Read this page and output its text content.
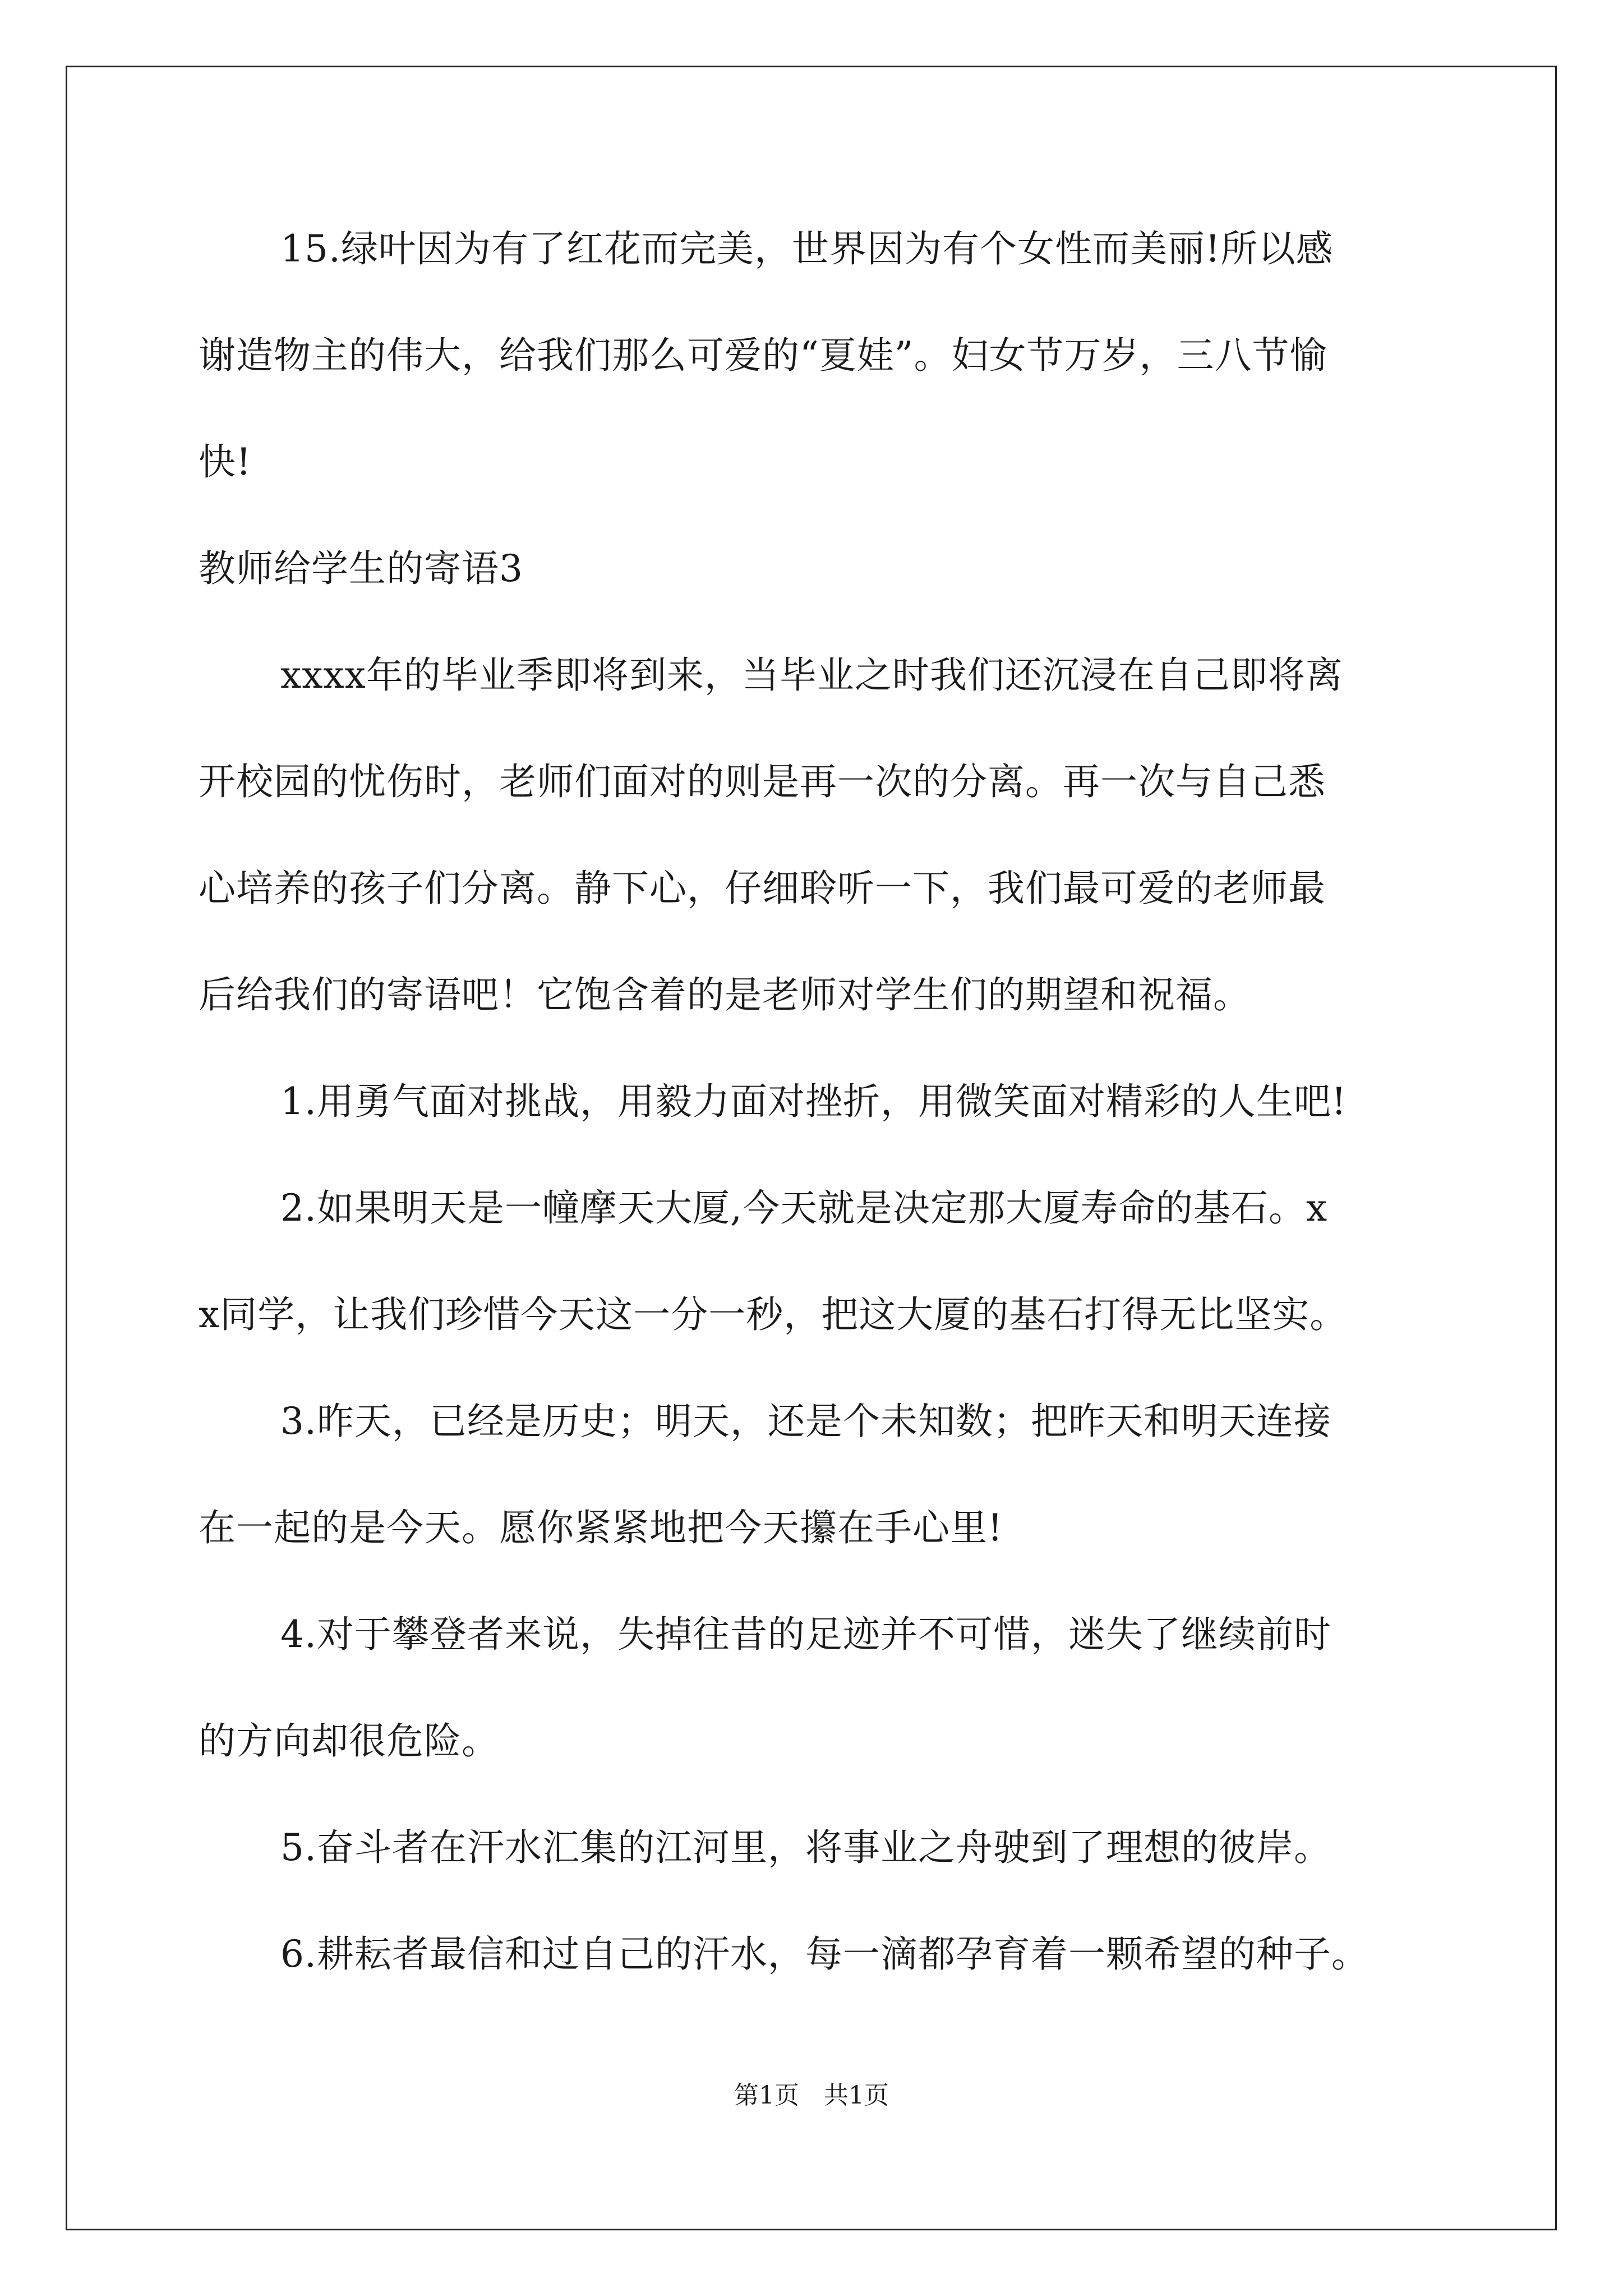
15.绿叶因为有了红花而完美，世界因为有个女性而美丽!所以感
谢造物主的伟大，给我们那么可爱的“夏娃”。妇女节万岁，三八节愉
快!
教师给学生的寄语3
xxxx年的毕业季即将到来，当毕业之时我们还沉浸在自己即将离
开校园的忧伤时，老师们面对的则是再一次的分离。再一次与自己悉
心培养的孩子们分离。静下心，仔细聆听一下，我们最可爱的老师最
后给我们的寄语吧！它饱含着的是老师对学生们的期望和祝福。
1.用勇气面对挑战，用毅力面对挫折，用微笑面对精彩的人生吧!
2.如果明天是一幢摩天大厦,今天就是决定那大厦寿命的基石。x
x同学，让我们珍惜今天这一分一秒，把这大厦的基石打得无比坚实。
3.昨天，已经是历史；明天，还是个未知数；把昨天和明天连接
在一起的是今天。愿你紧紧地把今天攥在手心里!
4.对于攀登者来说，失掉往昔的足迹并不可惜，迷失了继续前时
的方向却很危险。
5.奋斗者在汗水汇集的江河里，将事业之舟驶到了理想的彼岸。
6.耕耘者最信和过自己的汗水，每一滴都孕育着一颗希望的种子。
第1页　共1页
